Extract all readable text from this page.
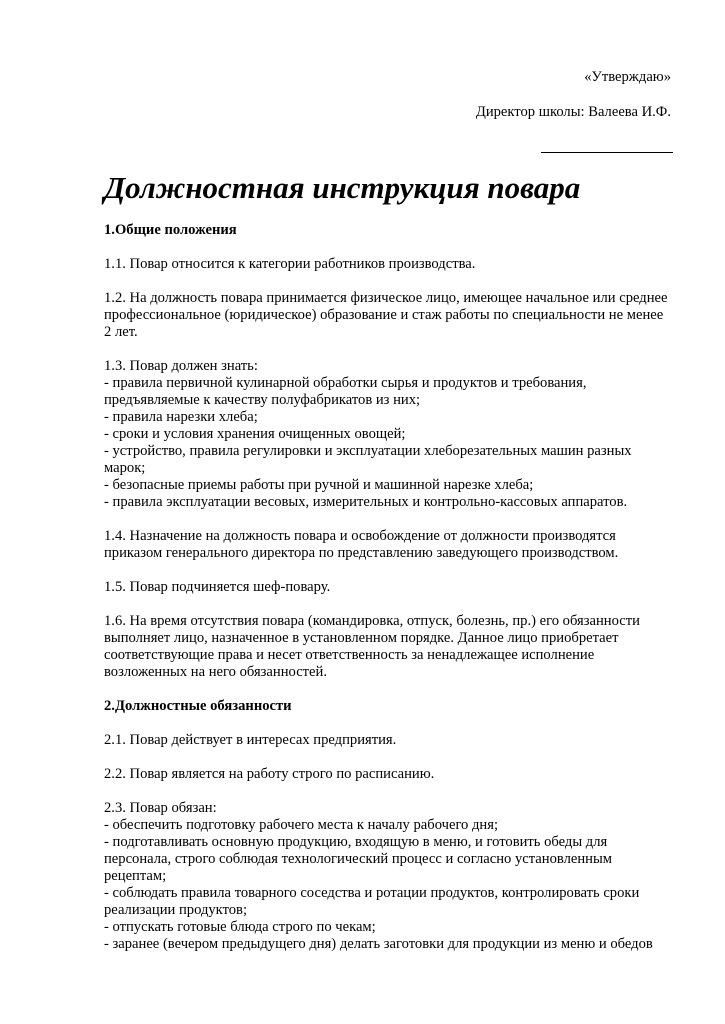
«Утверждаю»
Директор школы: Валеева И.Ф.
Должностная инструкция повара

1.Общие положения

1.1. Повар относится к категории работников производства.

1.2. На должность повара принимается физическое лицо, имеющее начальное или среднее
профессиональное (юридическое) образование и стаж работы по специальности не менее
2 лет.

1.3. Повар должен знать:
- правила первичной кулинарной обработки сырья и продуктов и требования,
предъявляемые к качеству полуфабрикатов из них;
- правила нарезки хлеба;
- сроки и условия хранения очищенных овощей;
- устройство, правила регулировки и эксплуатации хлеборезательных машин разных
марок;
- безопасные приемы работы при ручной и машинной нарезке хлеба;
- правила эксплуатации весовых, измерительных и контрольно-кассовых аппаратов.

1.4. Назначение на должность повара и освобождение от должности производятся
приказом генерального директора по представлению заведующего производством.

1.5. Повар подчиняется шеф-повару.

1.6. На время отсутствия повара (командировка, отпуск, болезнь, пр.) его обязанности
выполняет лицо, назначенное в установленном порядке. Данное лицо приобретает
соответствующие права и несет ответственность за ненадлежащее исполнение
возложенных на него обязанностей.

2.Должностные обязанности

2.1. Повар действует в интересах предприятия.

2.2. Повар является на работу строго по расписанию.

2.3. Повар обязан:
- обеспечить подготовку рабочего места к началу рабочего дня;
- подготавливать основную продукцию, входящую в меню, и готовить обеды для
персонала, строго соблюдая технологический процесс и согласно установленным
рецептам;
- соблюдать правила товарного соседства и ротации продуктов, контролировать сроки
реализации продуктов;
- отпускать готовые блюда строго по чекам;
- заранее (вечером предыдущего дня) делать заготовки для продукции из меню и обедов
